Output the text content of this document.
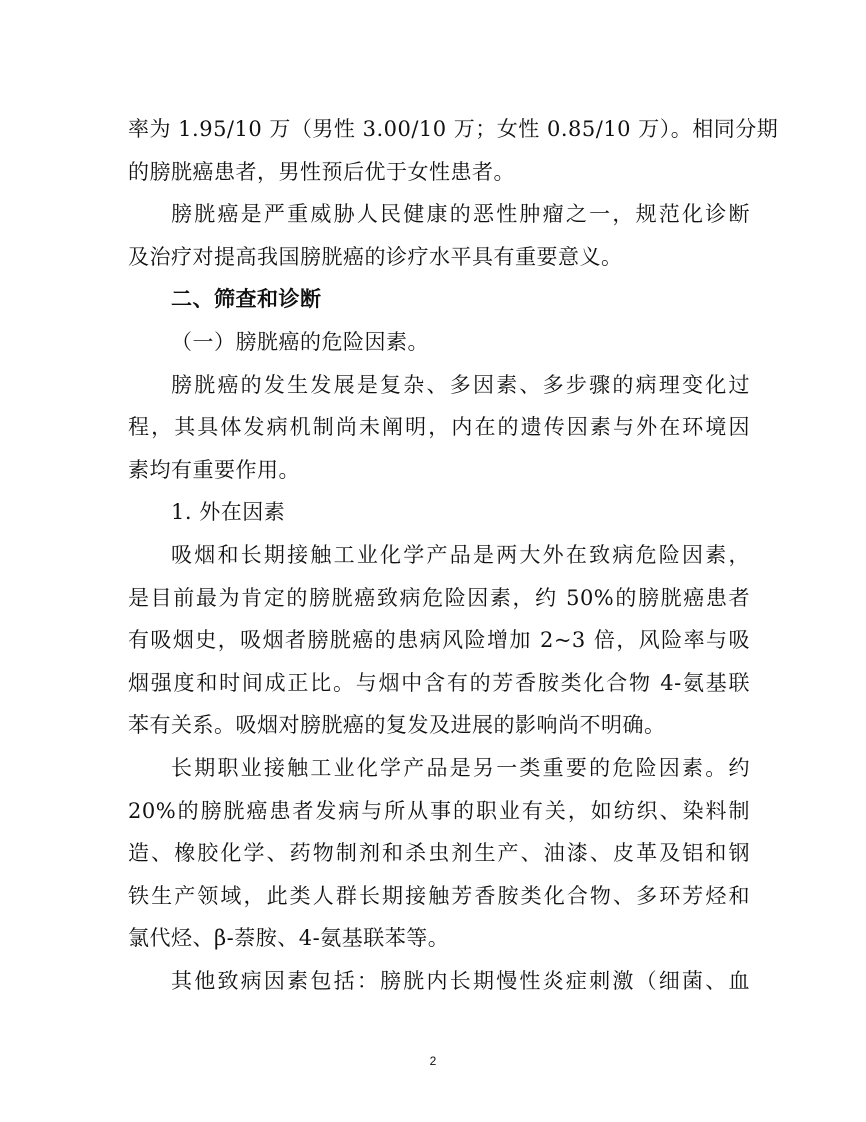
率为 1.95/10 万（男性 3.00/10 万；女性 0.85/10 万）。相同分期
的膀胱癌患者，男性预后优于女性患者。
膀胱癌是严重威胁人民健康的恶性肿瘤之一，规范化诊断
及治疗对提高我国膀胱癌的诊疗水平具有重要意义。
二、筛查和诊断
（一）膀胱癌的危险因素。
膀胱癌的发生发展是复杂、多因素、多步骤的病理变化过
程，其具体发病机制尚未阐明，内在的遗传因素与外在环境因
素均有重要作用。
1. 外在因素
吸烟和长期接触工业化学产品是两大外在致病危险因素，
是目前最为肯定的膀胱癌致病危险因素，约 50%的膀胱癌患者
有吸烟史，吸烟者膀胱癌的患病风险增加 2~3 倍，风险率与吸
烟强度和时间成正比。与烟中含有的芳香胺类化合物 4-氨基联
苯有关系。吸烟对膀胱癌的复发及进展的影响尚不明确。
长期职业接触工业化学产品是另一类重要的危险因素。约
20%的膀胱癌患者发病与所从事的职业有关，如纺织、染料制
造、橡胶化学、药物制剂和杀虫剂生产、油漆、皮革及铝和钢
铁生产领域，此类人群长期接触芳香胺类化合物、多环芳烃和
氯代烃、β-萘胺、4-氨基联苯等。
其他致病因素包括：膀胱内长期慢性炎症刺激（细菌、血
2
